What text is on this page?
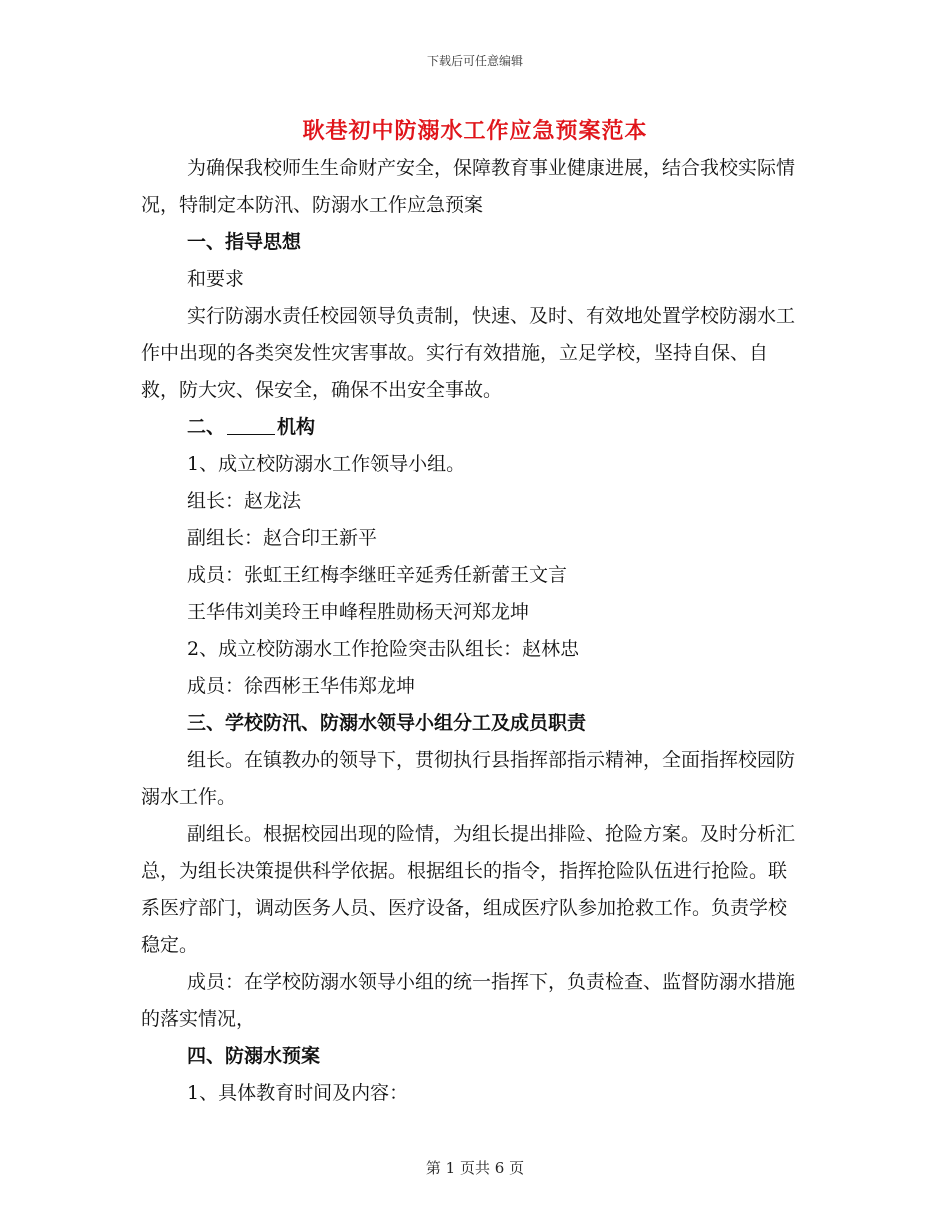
下载后可任意编辑
耿巷初中防溺水工作应急预案范本

为确保我校师生生命财产安全，保障教育事业健康进展，结合我校实际情况，特制定本防汛、防溺水工作应急预案

一、指导思想

和要求

实行防溺水责任校园领导负责制，快速、及时、有效地处置学校防溺水工作中出现的各类突发性灾害事故。实行有效措施，立足学校，坚持自保、自救，防大灾、保安全，确保不出安全事故。

二、	机构

1、成立校防溺水工作领导小组。

组长：赵龙法

副组长：赵合印王新平

成员：张虹王红梅李继旺辛延秀任新蕾王文言

王华伟刘美玲王申峰程胜勋杨天河郑龙坤

2、成立校防溺水工作抢险突击队组长：赵林忠

成员：徐西彬王华伟郑龙坤

三、学校防汛、防溺水领导小组分工及成员职责

组长。在镇教办的领导下，贯彻执行县指挥部指示精神，全面指挥校园防溺水工作。

副组长。根据校园出现的险情，为组长提出排险、抢险方案。及时分析汇总，为组长决策提供科学依据。根据组长的指令，指挥抢险队伍进行抢险。联系医疗部门，调动医务人员、医疗设备，组成医疗队参加抢救工作。负责学校稳定。

成员：在学校防溺水领导小组的统一指挥下，负责检查、监督防溺水措施的落实情况，

四、防溺水预案

1、具体教育时间及内容：

第 1 页共 6 页
